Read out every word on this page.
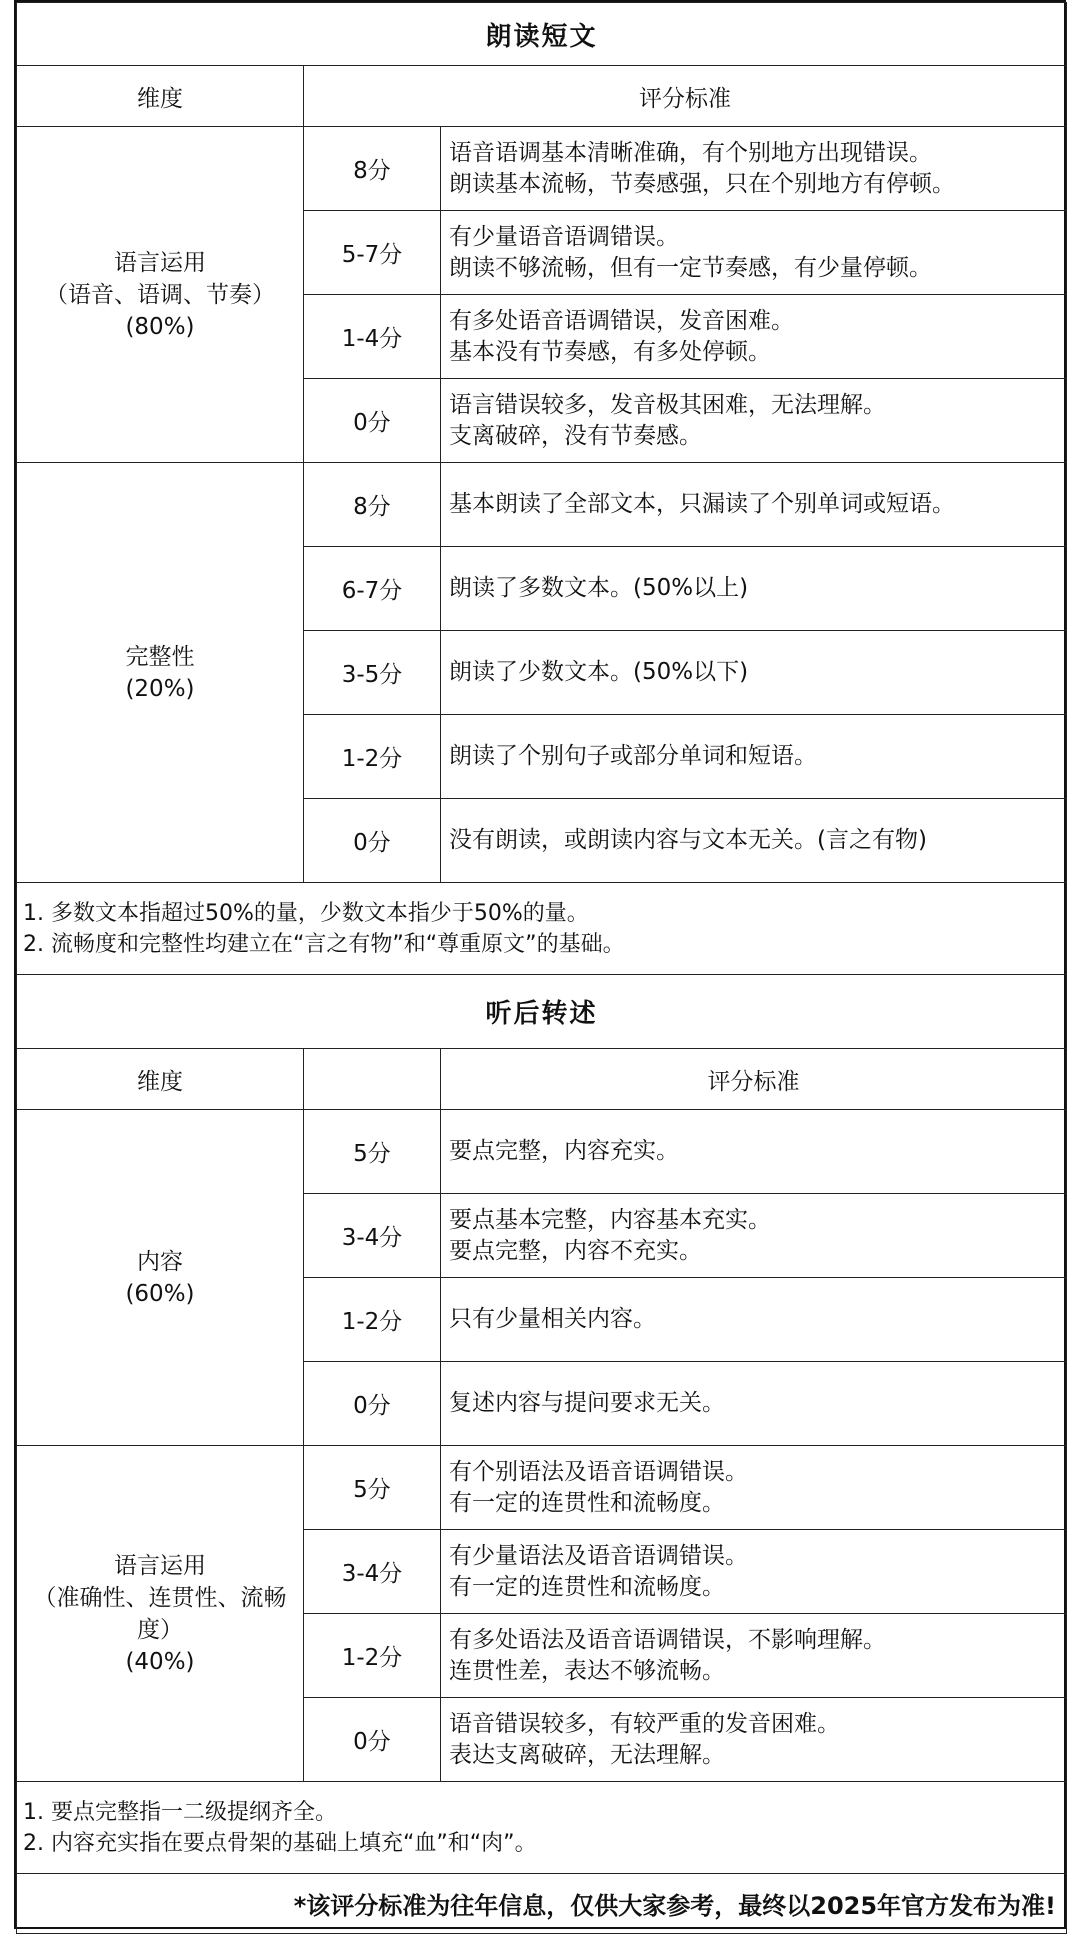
朗读短文		
维度	评分标准	

语言运用
（语音、语调、节奏）
(80%)	8分	语音语调基本清晰准确，有个别地方出现错误。
朗读基本流畅，节奏感强，只在个别地方有停顿。

	5-7分	有少量语音语调错误。
朗读不够流畅，但有一定节奏感，有少量停顿。

	1-4分	有多处语音语调错误，发音困难。
基本没有节奏感，有多处停顿。

	0分	语言错误较多，发音极其困难，无法理解。
支离破碎，没有节奏感。

完整性
(20%)	8分	基本朗读了全部文本，只漏读了个别单词或短语。

	6-7分	朗读了多数文本。(50%以上)

	3-5分	朗读了少数文本。(50%以下)

	1-2分	朗读了个别句子或部分单词和短语。

	0分	没有朗读，或朗读内容与文本无关。(言之有物)

1. 多数文本指超过50%的量，少数文本指少于50%的量。
2. 流畅度和完整性均建立在“言之有物”和“尊重原文”的基础。		

听后转述		
维度		评分标准

内容
(60%)	5分	要点完整，内容充实。

	3-4分	要点基本完整，内容基本充实。
要点完整，内容不充实。

	1-2分	只有少量相关内容。

	0分	复述内容与提问要求无关。

语言运用
（准确性、连贯性、流畅度）
(40%)	5分	有个别语法及语音语调错误。
有一定的连贯性和流畅度。

	3-4分	有少量语法及语音语调错误。
有一定的连贯性和流畅度。

	1-2分	有多处语法及语音语调错误，不影响理解。
连贯性差，表达不够流畅。

	0分	语音错误较多，有较严重的发音困难。
表达支离破碎，无法理解。

1. 要点完整指一二级提纲齐全。
2. 内容充实指在要点骨架的基础上填充“血”和“肉”。		

*该评分标准为往年信息，仅供大家参考，最终以2025年官方发布为准!		
